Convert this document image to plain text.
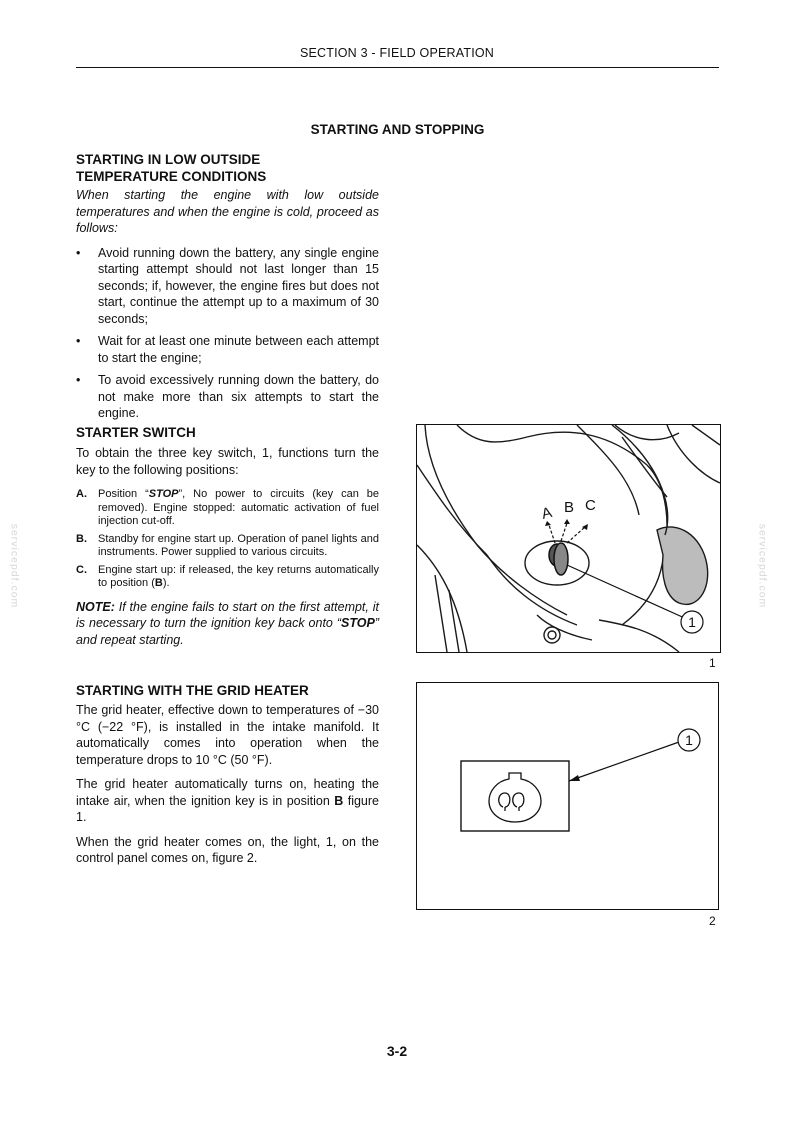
SECTION 3 - FIELD OPERATION
STARTING AND STOPPING
servicepdf.com	servicepdf.com
STARTING IN LOW OUTSIDE
TEMPERATURE CONDITIONS

When starting the engine with low outside temperatures and when the engine is cold, proceed as follows:

• Avoid running down the battery, any single engine starting attempt should not last longer than 15 seconds; if, however, the engine fires but does not start, continue the attempt up to a maximum of 30 seconds;
• Wait for at least one minute between each attempt to start the engine;
• To avoid excessively running down the battery, do not make more than six attempts to start the engine.
STARTER SWITCH

To obtain the three key switch, 1, functions turn the key to the following positions:

A. Position “STOP”, No power to circuits (key can be removed). Engine stopped: automatic activation of fuel injection cut-off.
B. Standby for engine start up. Operation of panel lights and instruments. Power supplied to various circuits.
C. Engine start up: if released, the key returns automatically to position (B).

NOTE: If the engine fails to start on the first attempt, it is necessary to turn the ignition key back onto “STOP” and repeat starting.

STARTING WITH THE GRID HEATER

The grid heater, effective down to temperatures of −30 °C (−22 °F), is installed in the intake manifold. It automatically comes into operation when the temperature drops to 10 °C (50 °F).

The grid heater automatically turns on, heating the intake air, when the ignition key is in position B figure 1.

When the grid heater comes on, the light, 1, on the control panel comes on, figure 2.

A B C
1
1
1
2
3-2
